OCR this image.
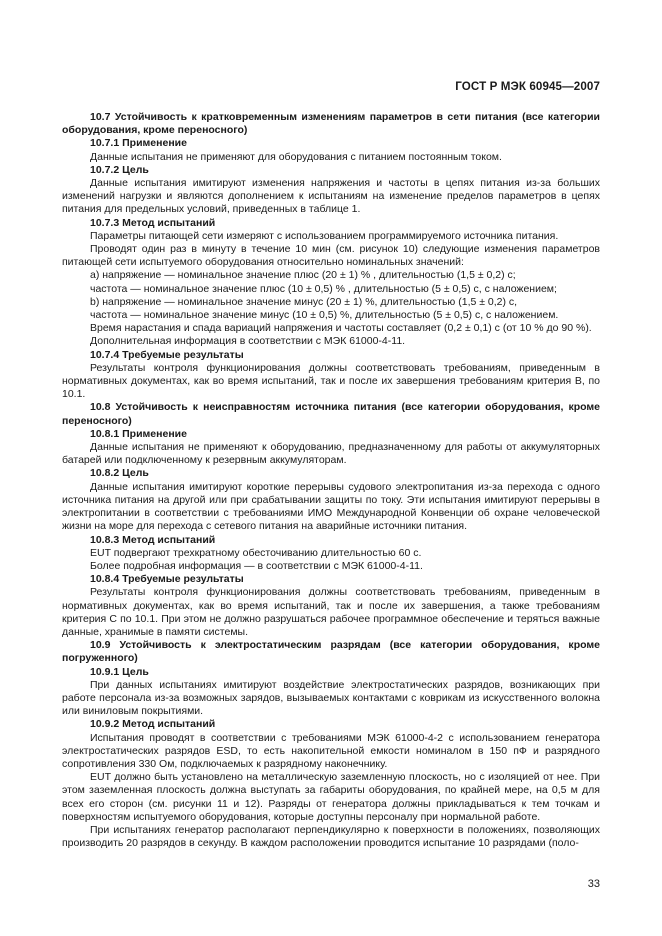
ГОСТ Р МЭК 60945—2007

10.7 Устойчивость к кратковременным изменениям параметров в сети питания (все категории оборудования, кроме переносного)

10.7.1 Применение

Данные испытания не применяют для оборудования с питанием постоянным током.

10.7.2 Цель

Данные испытания имитируют изменения напряжения и частоты в цепях питания из-за больших изменений нагрузки и являются дополнением к испытаниям на изменение пределов параметров в цепях питания для предельных условий, приведенных в таблице 1.

10.7.3 Метод испытаний

Параметры питающей сети измеряют с использованием программируемого источника питания.

Проводят один раз в минуту в течение 10 мин (см. рисунок 10) следующие изменения параметров питающей сети испытуемого оборудования относительно номинальных значений:

a) напряжение — номинальное значение плюс (20 ± 1) % , длительностью (1,5 ± 0,2) с;

частота — номинальное значение плюс (10 ± 0,5) % , длительностью (5 ± 0,5) с, с наложением;

b) напряжение — номинальное значение минус (20 ± 1) %, длительностью (1,5 ± 0,2) с,

частота — номинальное значение минус (10 ± 0,5) %, длительностью (5 ± 0,5) с, с наложением.

Время нарастания и спада вариаций напряжения и частоты составляет (0,2 ± 0,1) с (от 10 % до 90 %).

Дополнительная информация в соответствии с МЭК 61000-4-11.

10.7.4 Требуемые результаты

Результаты контроля функционирования должны соответствовать требованиям, приведенным в нормативных документах, как во время испытаний, так и после их завершения требованиям критерия В, по 10.1.

10.8 Устойчивость к неисправностям источника питания (все категории оборудования, кроме переносного)

10.8.1 Применение

Данные испытания не применяют к оборудованию, предназначенному для работы от аккумуляторных батарей или подключенному к резервным аккумуляторам.

10.8.2 Цель

Данные испытания имитируют короткие перерывы судового электропитания из-за перехода с одного источника питания на другой или при срабатывании защиты по току. Эти испытания имитируют перерывы в электропитании в соответствии с требованиями ИМО Международной Конвенции об охране человеческой жизни на море для перехода с сетевого питания на аварийные источники питания.

10.8.3 Метод испытаний

EUT подвергают трехкратному обесточиванию длительностью 60 с.

Более подробная информация — в соответствии с МЭК 61000-4-11.

10.8.4 Требуемые результаты

Результаты контроля функционирования должны соответствовать требованиям, приведенным в нормативных документах, как во время испытаний, так и после их завершения, а также требованиям критерия С по 10.1. При этом не должно разрушаться рабочее программное обеспечение и теряться важные данные, хранимые в памяти системы.

10.9 Устойчивость к электростатическим разрядам (все категории оборудования, кроме погруженного)

10.9.1 Цель

При данных испытаниях имитируют воздействие электростатических разрядов, возникающих при работе персонала из-за возможных зарядов, вызываемых контактами с коврикам из искусственного волокна или виниловым покрытиями.

10.9.2 Метод испытаний

Испытания проводят в соответствии с требованиями МЭК 61000-4-2 с использованием генератора электростатических разрядов ESD, то есть накопительной емкости номиналом в 150 пФ и разрядного сопротивления 330 Ом, подключаемых к разрядному наконечнику.

EUT должно быть установлено на металлическую заземленную плоскость, но с изоляцией от нее. При этом заземленная плоскость должна выступать за габариты оборудования, по крайней мере, на 0,5 м для всех его сторон (см. рисунки 11 и 12). Разряды от генератора должны прикладываться к тем точкам и поверхностям испытуемого оборудования, которые доступны персоналу при нормальной работе.

При испытаниях генератор располагают перпендикулярно к поверхности в положениях, позволяющих производить 20 разрядов в секунду. В каждом расположении проводится испытание 10 разрядами (поло-

33
